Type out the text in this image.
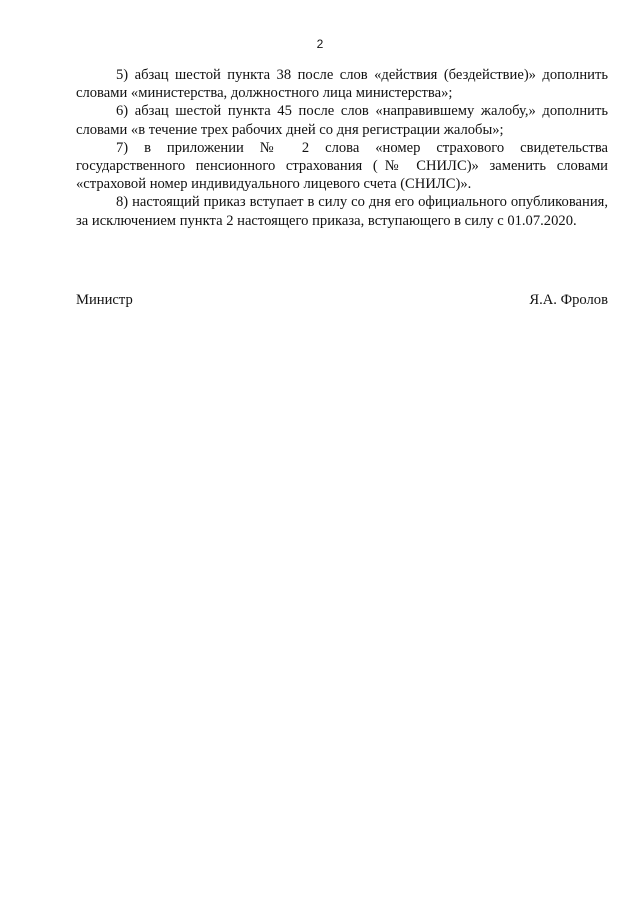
2

5) абзац шестой пункта 38 после слов «действия (бездействие)» дополнить словами «министерства, должностного лица министерства»;

6) абзац шестой пункта 45 после слов «направившему жалобу,» дополнить словами «в течение трех рабочих дней со дня регистрации жалобы»;

7) в приложении № 2 слова «номер страхового свидетельства государственного пенсионного страхования (№ СНИЛС)» заменить словами «страховой номер индивидуального лицевого счета (СНИЛС)».

8) настоящий приказ вступает в силу со дня его официального опубликования, за исключением пункта 2 настоящего приказа, вступающего в силу с 01.07.2020.

Министр	Я.А. Фролов
